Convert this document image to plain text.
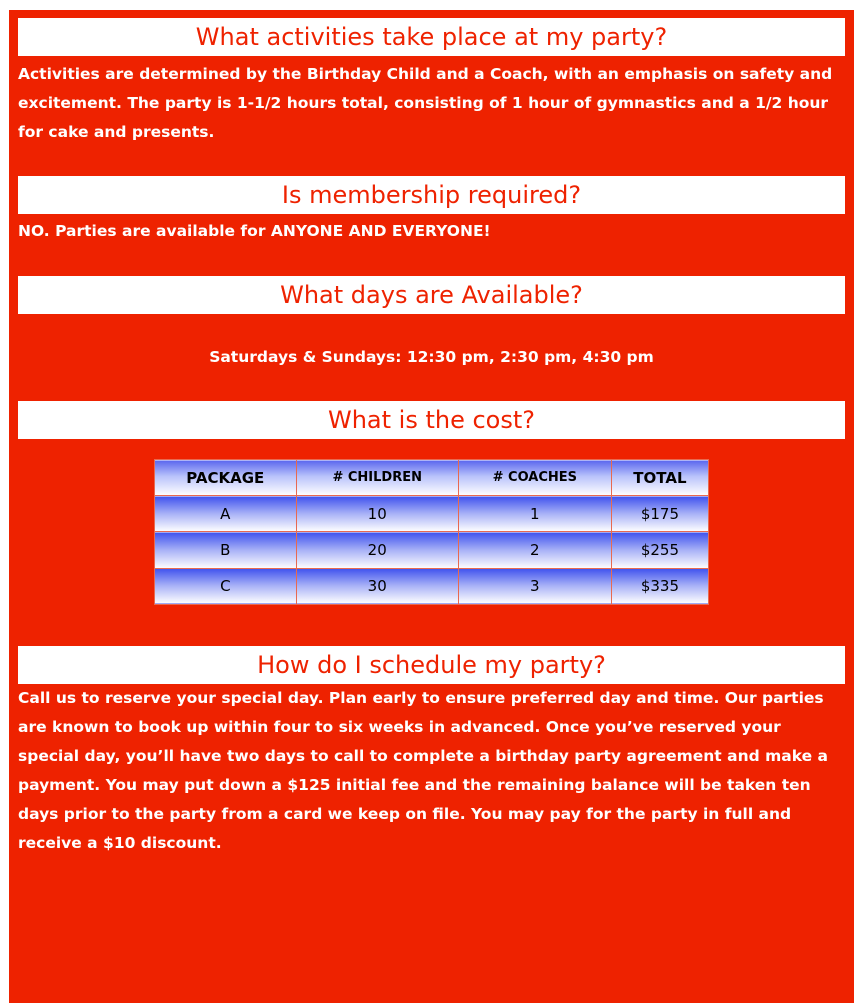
What activities take place at my party?
Activities are determined by the Birthday Child and a Coach, with an emphasis on safety and excitement. The party is 1-1/2 hours total, consisting of 1 hour of gymnastics and a 1/2 hour for cake and presents.
Is membership required?
NO. Parties are available for ANYONE AND EVERYONE!
What days are Available?
Saturdays & Sundays: 12:30 pm, 2:30 pm, 4:30 pm
What is the cost?
PACKAGE	# CHILDREN	# COACHES	TOTAL
A	10	1	$175
B	20	2	$255
C	30	3	$335
How do I schedule my party?
Call us to reserve your special day. Plan early to ensure preferred day and time. Our parties are known to book up within four to six weeks in advanced. Once you’ve reserved your special day, you’ll have two days to call to complete a birthday party agreement and make a payment. You may put down a $125 initial fee and the remaining balance will be taken ten days prior to the party from a card we keep on file. You may pay for the party in full and receive a $10 discount.
